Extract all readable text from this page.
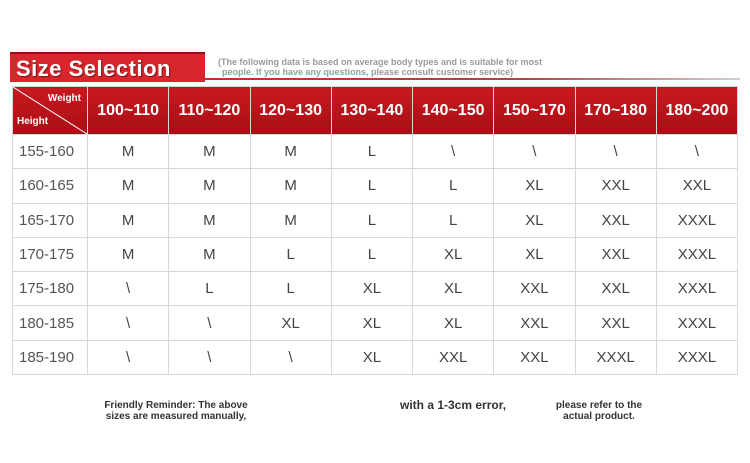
Size Selection	(The following data is based on average body types and is suitable for most
people. If you have any questions, please consult customer service)
Weight
Height	100~110	110~120	120~130	130~140	140~150	150~170	170~180	180~200
155-160	M	M	M	L	\	\	\	\
160-165	M	M	M	L	L	XL	XXL	XXL
165-170	M	M	M	L	L	XL	XXL	XXXL
170-175	M	M	L	L	XL	XL	XXL	XXXL
175-180	\	L	L	XL	XL	XXL	XXL	XXXL
180-185	\	\	XL	XL	XL	XXL	XXL	XXXL
185-190	\	\	\	XL	XXL	XXL	XXXL	XXXL
Friendly Reminder: The above
sizes are measured manually,
with a 1-3cm error,	please refer to the
actual product.
